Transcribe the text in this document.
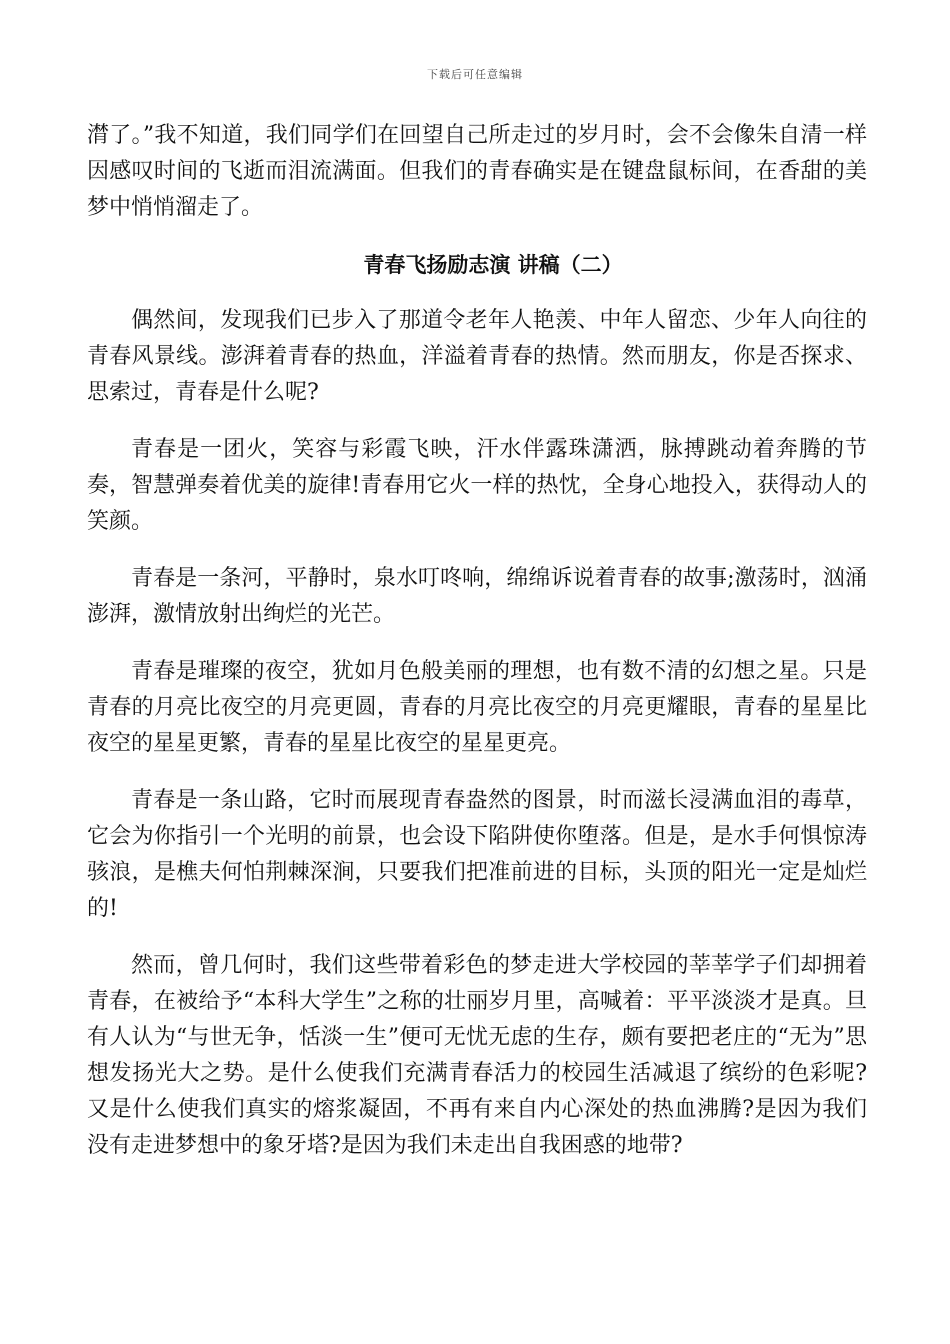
下载后可任意编辑

潸了。”我不知道，我们同学们在回望自己所走过的岁月时，会不会像朱自清一样因感叹时间的飞逝而泪流满面。但我们的青春确实是在键盘鼠标间，在香甜的美梦中悄悄溜走了。

青春飞扬励志演 讲稿（二）

偶然间，发现我们已步入了那道令老年人艳羡、中年人留恋、少年人向往的青春风景线。澎湃着青春的热血，洋溢着青春的热情。然而朋友，你是否探求、思索过，青春是什么呢?

青春是一团火，笑容与彩霞飞映，汗水伴露珠潇洒，脉搏跳动着奔腾的节奏，智慧弹奏着优美的旋律!青春用它火一样的热忱，全身心地投入，获得动人的笑颜。

青春是一条河，平静时，泉水叮咚响，绵绵诉说着青春的故事;激荡时，汹涌澎湃，激情放射出绚烂的光芒。

青春是璀璨的夜空，犹如月色般美丽的理想，也有数不清的幻想之星。只是青春的月亮比夜空的月亮更圆，青春的月亮比夜空的月亮更耀眼，青春的星星比夜空的星星更繁，青春的星星比夜空的星星更亮。

青春是一条山路，它时而展现青春盎然的图景，时而滋长浸满血泪的毒草，它会为你指引一个光明的前景，也会设下陷阱使你堕落。但是，是水手何惧惊涛骇浪，是樵夫何怕荆棘深涧，只要我们把准前进的目标，头顶的阳光一定是灿烂的!

然而，曾几何时，我们这些带着彩色的梦走进大学校园的莘莘学子们却拥着青春，在被给予“本科大学生”之称的壮丽岁月里，高喊着：平平淡淡才是真。旦有人认为“与世无争，恬淡一生”便可无忧无虑的生存，颇有要把老庄的“无为”思想发扬光大之势。是什么使我们充满青春活力的校园生活减退了缤纷的色彩呢? 又是什么使我们真实的熔浆凝固，不再有来自内心深处的热血沸腾?是因为我们没有走进梦想中的象牙塔?是因为我们未走出自我困惑的地带?
